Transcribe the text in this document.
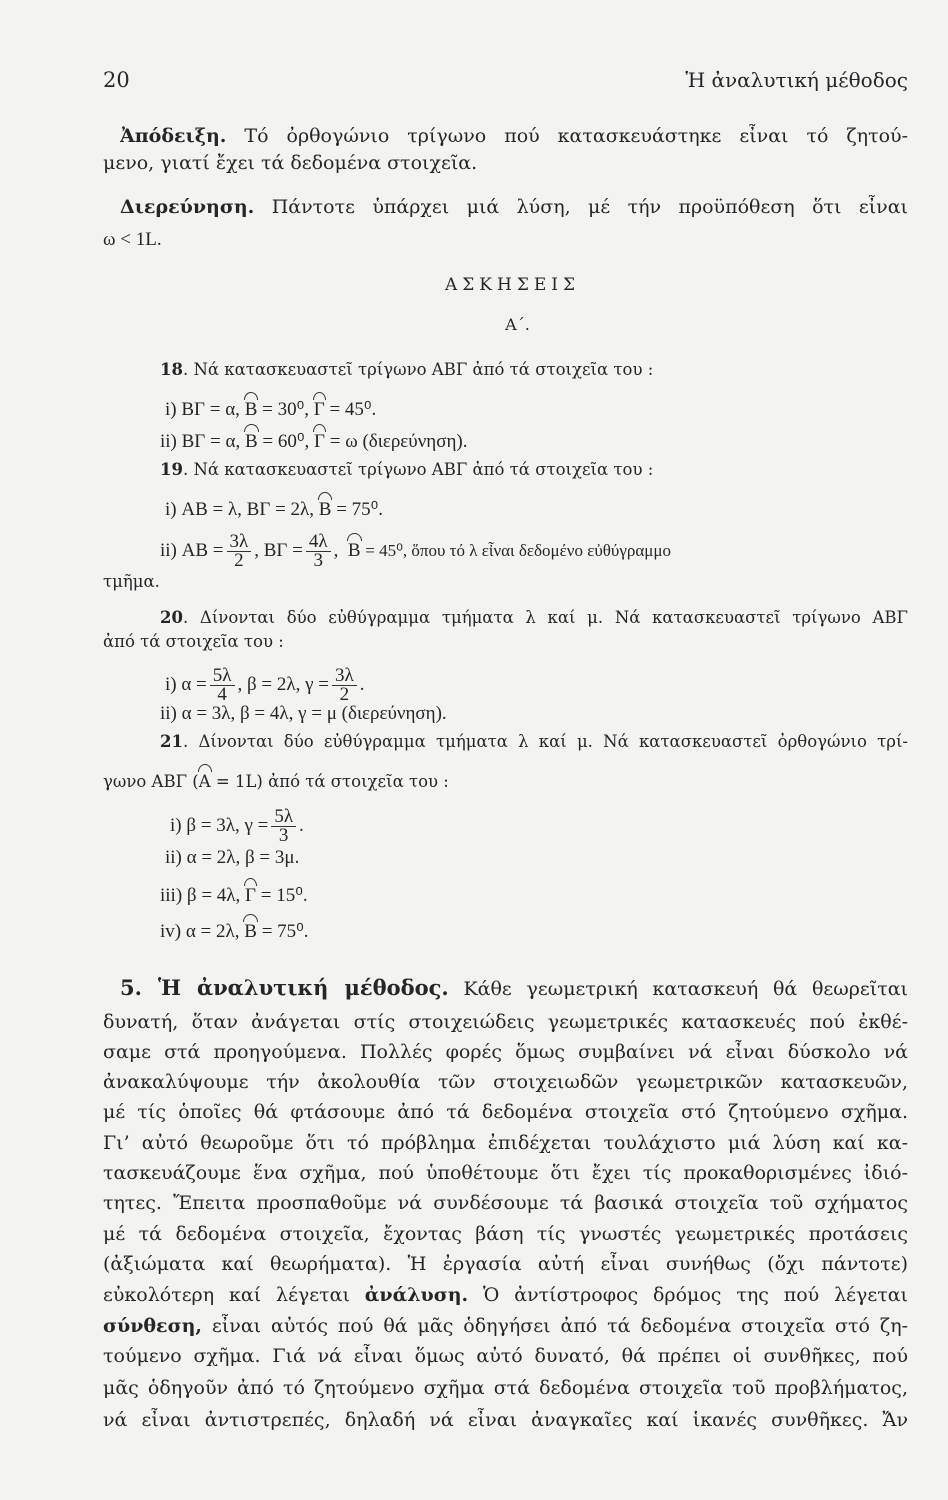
20	Ἡ ἀναλυτική μέθοδος
Ἀπόδειξη. Τό ὀρθογώνιο τρίγωνο πού κατασκευάστηκε εἶναι τό ζητού-
μενο, γιατί ἔχει τά δεδομένα στοιχεῖα.
Διερεύνηση. Πάντοτε ὑπάρχει μιά λύση, μέ τήν προϋπόθεση ὅτι εἶναι
ω < 1L.
ΑΣΚΗΣΕΙΣ
Α΄.
18. Νά κατασκευαστεῖ τρίγωνο ΑΒΓ ἀπό τά στοιχεῖα του :
i) ΒΓ = α, Β = 30⁰, Γ = 45⁰.
ii) ΒΓ = α, Β = 60⁰, Γ = ω (διερεύνηση).
19. Νά κατασκευαστεῖ τρίγωνο ΑΒΓ ἀπό τά στοιχεῖα του :
i) ΑΒ = λ, ΒΓ = 2λ, Β = 75⁰.
ii) $AB = \frac{3\lambda}{2}$ , $B\Gamma = \frac{4\lambda}{3}$ , Β = 45⁰, ὅπου τό λ εἶναι δεδομένο εὐθύγραμμο
τμῆμα.
20. Δίνονται δύο εὐθύγραμμα τμήματα λ καί μ. Νά κατασκευαστεῖ τρίγωνο ΑΒΓ
ἀπό τά στοιχεῖα του :
i) $\alpha = \frac{5\lambda}{4}$ , β = 2λ, $\gamma = \frac{3\lambda}{2}$ .
ii) α = 3λ, β = 4λ, γ = μ (διερεύνηση).
21. Δίνονται δύο εὐθύγραμμα τμήματα λ καί μ. Νά κατασκευαστεῖ ὀρθογώνιο τρί-
γωνο ΑΒΓ (A = 1L) ἀπό τά στοιχεῖα του :
i) β = 3λ, $\gamma = \frac{5\lambda}{3}$ .
ii) α = 2λ, β = 3μ.
iii) β = 4λ, Γ = 15⁰.
iv) α = 2λ, Β = 75⁰.
5. Ἡ ἀναλυτική μέθοδος. Κάθε γεωμετρική κατασκευή θά θεωρεῖται
δυνατή, ὅταν ἀνάγεται στίς στοιχειώδεις γεωμετρικές κατασκευές πού ἐκθέ-
σαμε στά προηγούμενα. Πολλές φορές ὅμως συμβαίνει νά εἶναι δύσκολο νά
ἀνακαλύψουμε τήν ἀκολουθία τῶν στοιχειωδῶν γεωμετρικῶν κατασκευῶν,
μέ τίς ὁποῖες θά φτάσουμε ἀπό τά δεδομένα στοιχεῖα στό ζητούμενο σχῆμα.
Γι’ αὐτό θεωροῦμε ὅτι τό πρόβλημα ἐπιδέχεται τουλάχιστο μιά λύση καί κα-
τασκευάζουμε ἕνα σχῆμα, πού ὑποθέτουμε ὅτι ἔχει τίς προκαθορισμένες ἰδιό-
τητες. Ἔπειτα προσπαθοῦμε νά συνδέσουμε τά βασικά στοιχεῖα τοῦ σχήματος
μέ τά δεδομένα στοιχεῖα, ἔχοντας βάση τίς γνωστές γεωμετρικές προτάσεις
(ἀξιώματα καί θεωρήματα). Ἡ ἐργασία αὐτή εἶναι συνήθως (ὄχι πάντοτε)
εὐκολότερη καί λέγεται ἀνάλυση. Ὁ ἀντίστροφος δρόμος της πού λέγεται
σύνθεση, εἶναι αὐτός πού θά μᾶς ὁδηγήσει ἀπό τά δεδομένα στοιχεῖα στό ζη-
τούμενο σχῆμα. Γιά νά εἶναι ὅμως αὐτό δυνατό, θά πρέπει οἱ συνθῆκες, πού
μᾶς ὁδηγοῦν ἀπό τό ζητούμενο σχῆμα στά δεδομένα στοιχεῖα τοῦ προβλήματος,
νά εἶναι ἀντιστρεπές, δηλαδή νά εἶναι ἀναγκαῖες καί ἱκανές συνθῆκες. Ἄν
